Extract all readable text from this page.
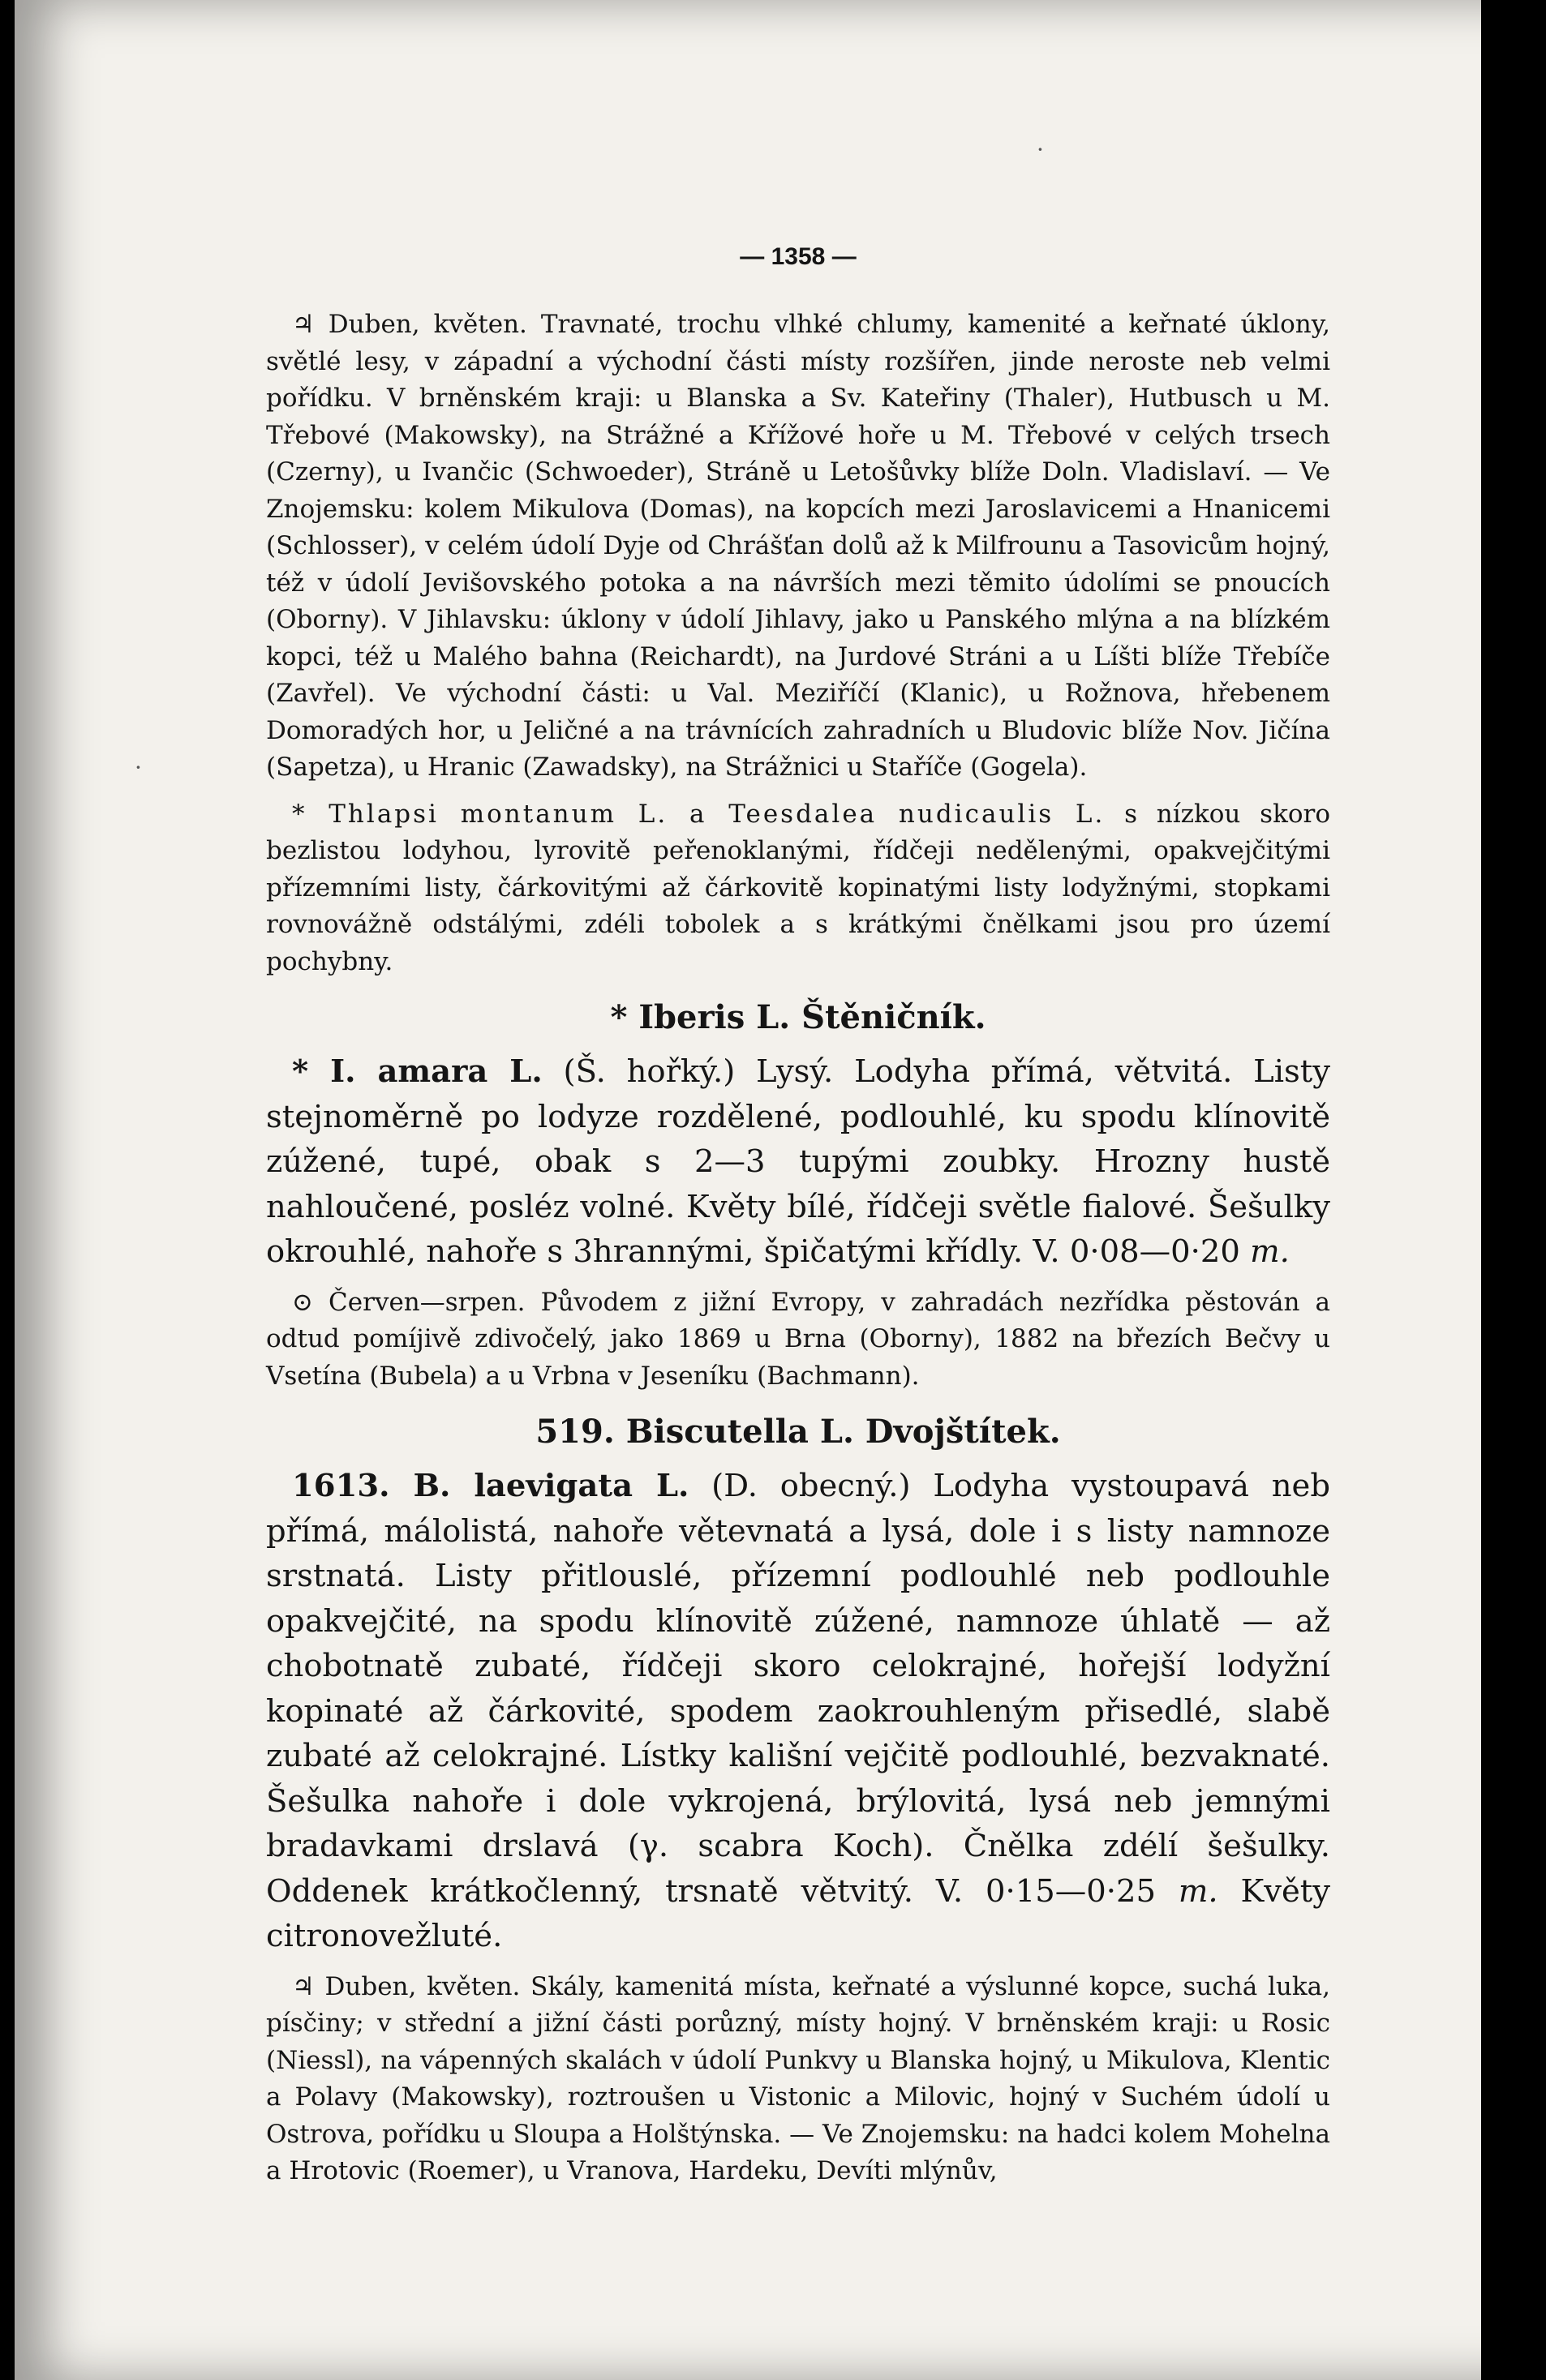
·
·
— 1358 —

♃ Duben, květen. Travnaté, trochu vlhké chlumy, kamenité a keřnaté úklony, světlé lesy, v západní a východní části místy rozšířen, jinde neroste neb velmi pořídku. V brněnském kraji: u Blanska a Sv. Kateřiny (Thaler), Hutbusch u M. Třebové (Makowsky), na Strážné a Křížové hoře u M. Třebové v celých trsech (Czerny), u Ivančic (Schwoeder), Stráně u Letošůvky blíže Doln. Vladislaví. — Ve Znojemsku: kolem Mikulova (Domas), na kopcích mezi Jaroslavicemi a Hnanicemi (Schlosser), v celém údolí Dyje od Chrášťan dolů až k Milfrounu a Tasovicům hojný, též v údolí Jevišovského potoka a na návrších mezi těmito údolími se pnoucích (Oborny). V Jihlavsku: úklony v údolí Jihlavy, jako u Panského mlýna a na blízkém kopci, též u Malého bahna (Reichardt), na Jurdové Stráni a u Líšti blíže Třebíče (Zavřel). Ve východní části: u Val. Meziříčí (Klanic), u Rožnova, hřebenem Domoradých hor, u Jeličné a na trávnících zahradních u Bludovic blíže Nov. Jičína (Sapetza), u Hranic (Zawadsky), na Strážnici u Staříče (Gogela).

* Thlapsi montanum L. a Teesdalea nudicaulis L. s nízkou skoro bezlistou lodyhou, lyrovitě peřenoklanými, řídčeji nedělenými, opakvejčitými přízemními listy, čárkovitými až čárkovitě kopinatými listy lodyžnými, stopkami rovnovážně odstálými, zdéli tobolek a s krátkými čnělkami jsou pro území pochybny.

* Iberis L. Štěničník.

* I. amara L. (Š. hořký.) Lysý. Lodyha přímá, větvitá. Listy stejnoměrně po lodyze rozdělené, podlouhlé, ku spodu klínovitě zúžené, tupé, obak s 2—3 tupými zoubky. Hrozny hustě nahloučené, posléz volné. Květy bílé, řídčeji světle fialové. Šešulky okrouhlé, nahoře s 3hrannými, špičatými křídly. V. 0·08—0·20 m.

⊙ Červen—srpen. Původem z jižní Evropy, v zahradách nezřídka pěstován a odtud pomíjivě zdivočelý, jako 1869 u Brna (Oborny), 1882 na březích Bečvy u Vsetína (Bubela) a u Vrbna v Jeseníku (Bachmann).

519. Biscutella L. Dvojštítek.

1613. B. laevigata L. (D. obecný.) Lodyha vystoupavá neb přímá, málolistá, nahoře větevnatá a lysá, dole i s listy namnoze srstnatá. Listy přitlouslé, přízemní podlouhlé neb podlouhle opakvejčité, na spodu klínovitě zúžené, namnoze úhlatě — až chobotnatě zubaté, řídčeji skoro celokrajné, hořejší lodyžní kopinaté až čárkovité, spodem zaokrouhleným přisedlé, slabě zubaté až celokrajné. Lístky kališní vejčitě podlouhlé, bezvaknaté. Šešulka nahoře i dole vykrojená, brýlovitá, lysá neb jemnými bradavkami drslavá (γ. scabra Koch). Čnělka zdélí šešulky. Oddenek krátkočlenný, trsnatě větvitý. V. 0·15—0·25 m. Květy citronovežluté.

♃ Duben, květen. Skály, kamenitá místa, keřnaté a výslunné kopce, suchá luka, písčiny; v střední a jižní části porůzný, místy hojný. V brněnském kraji: u Rosic (Niessl), na vápenných skalách v údolí Punkvy u Blanska hojný, u Mikulova, Klentic a Polavy (Makowsky), roztroušen u Vistonic a Milovic, hojný v Suchém údolí u Ostrova, pořídku u Sloupa a Holštýnska. — Ve Znojemsku: na hadci kolem Mohelna a Hrotovic (Roemer), u Vranova, Hardeku, Devíti mlýnův,
